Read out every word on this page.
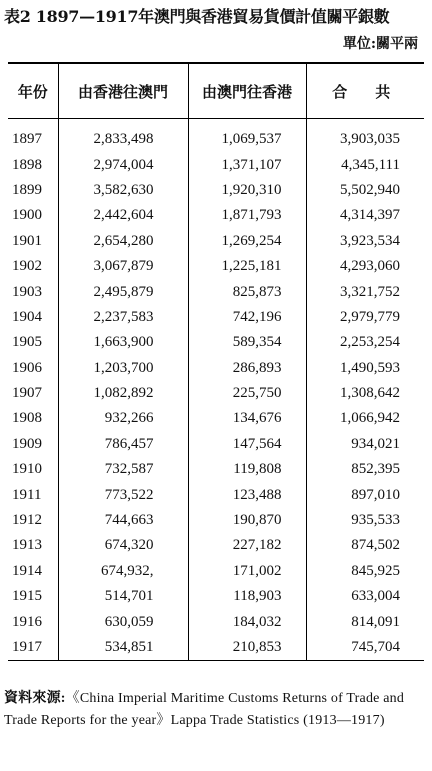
表2 1897—1917年澳門與香港貿易貨價計值關平銀數
單位:關平兩
年份	由香港往澳門	由澳門往香港	合共
1897	2,833,498	1,069,537	3,903,035
1898	2,974,004	1,371,107	4,345,111
1899	3,582,630	1,920,310	5,502,940
1900	2,442,604	1,871,793	4,314,397
1901	2,654,280	1,269,254	3,923,534
1902	3,067,879	1,225,181	4,293,060
1903	2,495,879	825,873	3,321,752
1904	2,237,583	742,196	2,979,779
1905	1,663,900	589,354	2,253,254
1906	1,203,700	286,893	1,490,593
1907	1,082,892	225,750	1,308,642
1908	932,266	134,676	1,066,942
1909	786,457	147,564	934,021
1910	732,587	119,808	852,395
1911	773,522	123,488	897,010
1912	744,663	190,870	935,533
1913	674,320	227,182	874,502
1914	674,932,	171,002	845,925
1915	514,701	118,903	633,004
1916	630,059	184,032	814,091
1917	534,851	210,853	745,704
資料來源:《China Imperial Maritime Customs Returns of Trade and Trade Reports for the year》Lappa Trade Statistics (1913—1917)
